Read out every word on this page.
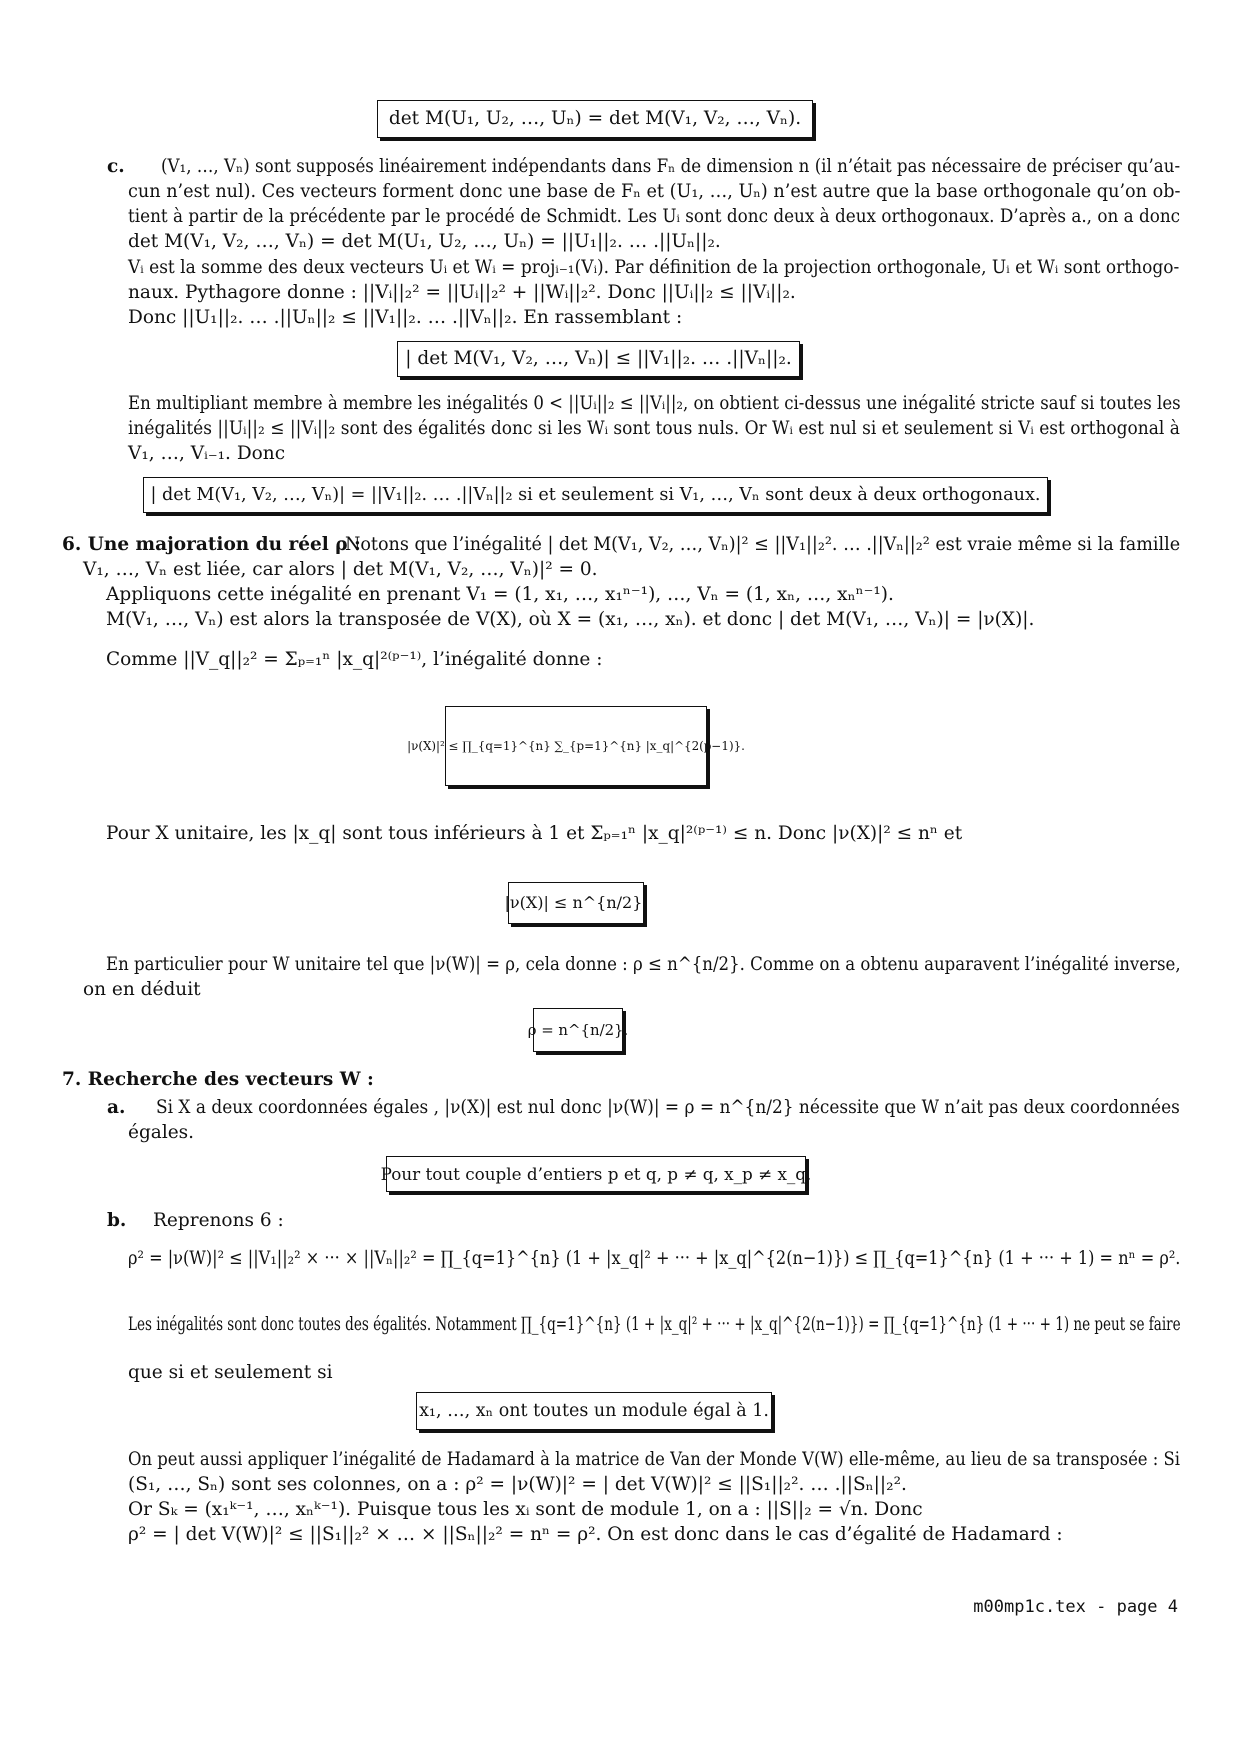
det M(U₁, U₂, …, Uₙ) = det M(V₁, V₂, …, Vₙ).
c. (V₁, …, Vₙ) sont supposés linéairement indépendants dans Fₙ de dimension n (il n’était pas nécessaire de préciser qu’au-
cun n’est nul). Ces vecteurs forment donc une base de Fₙ et (U₁, …, Uₙ) n’est autre que la base orthogonale qu’on ob-
tient à partir de la précédente par le procédé de Schmidt. Les Uᵢ sont donc deux à deux orthogonaux. D’après a., on a donc
det M(V₁, V₂, …, Vₙ) = det M(U₁, U₂, …, Uₙ) = ||U₁||₂. … .||Uₙ||₂.
Vᵢ est la somme des deux vecteurs Uᵢ et Wᵢ = projᵢ₋₁(Vᵢ). Par définition de la projection orthogonale, Uᵢ et Wᵢ sont orthogo-
naux. Pythagore donne : ||Vᵢ||₂² = ||Uᵢ||₂² + ||Wᵢ||₂². Donc ||Uᵢ||₂ ≤ ||Vᵢ||₂.
Donc ||U₁||₂. … .||Uₙ||₂ ≤ ||V₁||₂. … .||Vₙ||₂. En rassemblant :
| det M(V₁, V₂, …, Vₙ)| ≤ ||V₁||₂. … .||Vₙ||₂.
En multipliant membre à membre les inégalités 0 < ||Uᵢ||₂ ≤ ||Vᵢ||₂, on obtient ci-dessus une inégalité stricte sauf si toutes les
inégalités ||Uᵢ||₂ ≤ ||Vᵢ||₂ sont des égalités donc si les Wᵢ sont tous nuls. Or Wᵢ est nul si et seulement si Vᵢ est orthogonal à
V₁, …, Vᵢ₋₁. Donc
| det M(V₁, V₂, …, Vₙ)| = ||V₁||₂. … .||Vₙ||₂ si et seulement si V₁, …, Vₙ sont deux à deux orthogonaux.
6. Une majoration du réel ρ :
Notons que l’inégalité | det M(V₁, V₂, …, Vₙ)|² ≤ ||V₁||₂². … .||Vₙ||₂² est vraie même si la famille
V₁, …, Vₙ est liée, car alors | det M(V₁, V₂, …, Vₙ)|² = 0.
Appliquons cette inégalité en prenant V₁ = (1, x₁, …, x₁ⁿ⁻¹), …, Vₙ = (1, xₙ, …, xₙⁿ⁻¹).
M(V₁, …, Vₙ) est alors la transposée de V(X), où X = (x₁, …, xₙ). et donc | det M(V₁, …, Vₙ)| = |ν(X)|.
Comme ||V_q||₂² = Σₚ₌₁ⁿ |x_q|²⁽ᵖ⁻¹⁾, l’inégalité donne :
|ν(X)|² ≤ ∏_{q=1}^{n} ∑_{p=1}^{n} |x_q|^{2(p−1)}.
Pour X unitaire, les |x_q| sont tous inférieurs à 1 et Σₚ₌₁ⁿ |x_q|²⁽ᵖ⁻¹⁾ ≤ n. Donc |ν(X)|² ≤ nⁿ et
|ν(X)| ≤ n^{n/2}.
En particulier pour W unitaire tel que |ν(W)| = ρ, cela donne : ρ ≤ n^{n/2}. Comme on a obtenu auparavent l’inégalité inverse,
on en déduit
ρ = n^{n/2}.
7. Recherche des vecteurs W :
a. Si X a deux coordonnées égales , |ν(X)| est nul donc |ν(W)| = ρ = n^{n/2} nécessite que W n’ait pas deux coordonnées
égales.
Pour tout couple d’entiers p et q, p ≠ q, x_p ≠ x_q.
b. Reprenons 6 :
ρ² = |ν(W)|² ≤ ||V₁||₂² × ··· × ||Vₙ||₂² = ∏_{q=1}^{n} (1 + |x_q|² + ··· + |x_q|^{2(n−1)}) ≤ ∏_{q=1}^{n} (1 + ··· + 1) = nⁿ = ρ².
Les inégalités sont donc toutes des égalités. Notamment ∏_{q=1}^{n} (1 + |x_q|² + ··· + |x_q|^{2(n−1)}) = ∏_{q=1}^{n} (1 + ··· + 1) ne peut se faire
que si et seulement si
x₁, …, xₙ ont toutes un module égal à 1.
On peut aussi appliquer l’inégalité de Hadamard à la matrice de Van der Monde V(W) elle-même, au lieu de sa transposée : Si
(S₁, …, Sₙ) sont ses colonnes, on a : ρ² = |ν(W)|² = | det V(W)|² ≤ ||S₁||₂². … .||Sₙ||₂².
Or Sₖ = (x₁ᵏ⁻¹, …, xₙᵏ⁻¹). Puisque tous les xᵢ sont de module 1, on a : ||S||₂ = √n. Donc
ρ² = | det V(W)|² ≤ ||S₁||₂² × … × ||Sₙ||₂² = nⁿ = ρ². On est donc dans le cas d’égalité de Hadamard :
m00mp1c.tex - page 4
